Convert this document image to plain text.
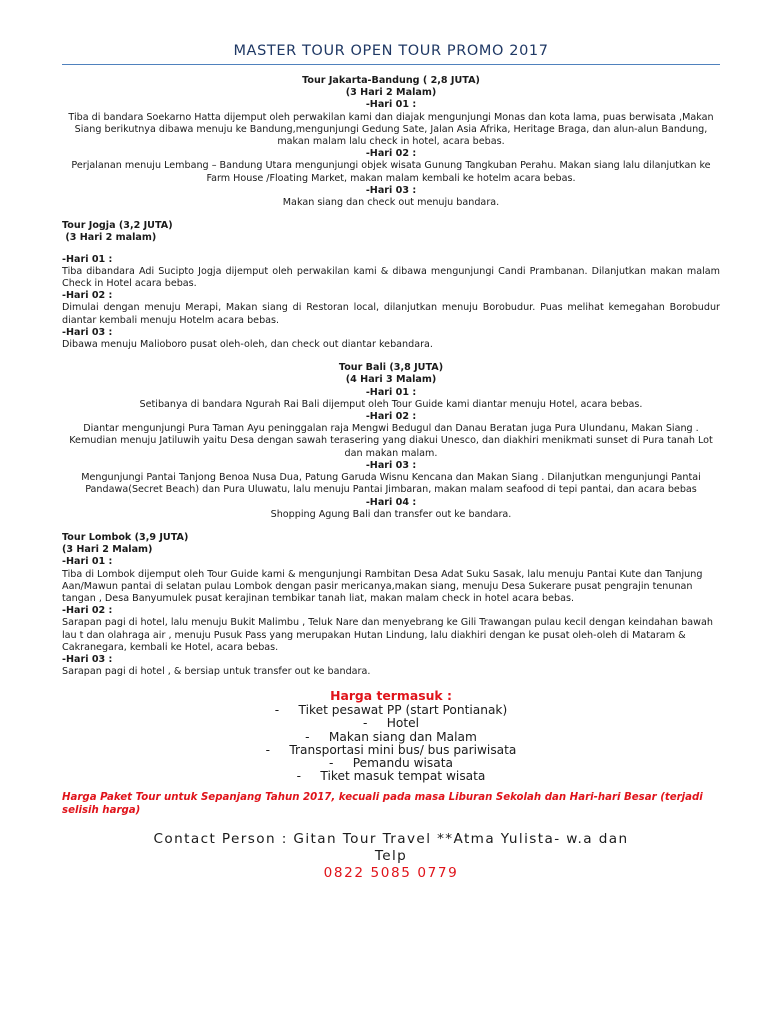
MASTER TOUR OPEN TOUR PROMO 2017
Tour Jakarta-Bandung ( 2,8 JUTA)
(3 Hari 2 Malam)
-Hari 01 :
Tiba di bandara Soekarno Hatta dijemput oleh perwakilan kami dan diajak mengunjungi Monas dan kota lama, puas berwisata ,Makan Siang berikutnya dibawa menuju ke Bandung,mengunjungi Gedung Sate, Jalan Asia Afrika, Heritage Braga, dan alun-alun Bandung, makan malam lalu check in hotel, acara bebas.
-Hari 02 :
Perjalanan menuju Lembang – Bandung Utara mengunjungi objek wisata Gunung Tangkuban Perahu. Makan siang lalu dilanjutkan ke Farm House /Floating Market, makan malam kembali ke hotelm acara bebas.
-Hari 03 :
Makan siang dan check out menuju bandara.
Tour Jogja (3,2 JUTA)
(3 Hari 2 malam)
-Hari 01 :
Tiba dibandara Adi Sucipto Jogja dijemput oleh perwakilan kami & dibawa mengunjungi Candi Prambanan. Dilanjutkan makan malam Check in Hotel acara bebas.
-Hari 02 :
Dimulai dengan menuju Merapi, Makan siang di Restoran local, dilanjutkan menuju Borobudur. Puas melihat kemegahan Borobudur diantar kembali menuju Hotelm acara bebas.
-Hari 03 :
Dibawa menuju Malioboro pusat oleh-oleh, dan check out diantar kebandara.
Tour Bali (3,8 JUTA)
(4 Hari 3 Malam)
-Hari 01 :
Setibanya di bandara Ngurah Rai Bali dijemput oleh Tour Guide kami diantar menuju Hotel, acara bebas.
-Hari 02 :
Diantar mengunjungi Pura Taman Ayu peninggalan raja Mengwi Bedugul dan Danau Beratan juga Pura Ulundanu, Makan Siang . Kemudian menuju Jatiluwih yaitu Desa dengan sawah terasering yang diakui Unesco, dan diakhiri menikmati sunset di Pura tanah Lot dan makan malam.
-Hari 03 :
Mengunjungi Pantai Tanjong Benoa Nusa Dua, Patung Garuda Wisnu Kencana dan Makan Siang . Dilanjutkan mengunjungi Pantai Pandawa(Secret Beach) dan Pura Uluwatu, lalu menuju Pantai Jimbaran, makan malam seafood di tepi pantai, dan acara bebas
-Hari 04 :
Shopping Agung Bali dan transfer out ke bandara.
Tour Lombok (3,9 JUTA)
(3 Hari 2 Malam)
-Hari 01 :
Tiba di Lombok dijemput oleh Tour Guide kami & mengunjungi Rambitan Desa Adat Suku Sasak, lalu menuju Pantai Kute dan Tanjung Aan/Mawun pantai di selatan pulau Lombok dengan pasir mericanya,makan siang, menuju Desa Sukerare pusat pengrajin tenunan tangan , Desa Banyumulek pusat kerajinan tembikar tanah liat, makan malam check in hotel acara bebas.
-Hari 02 :
Sarapan pagi di hotel, lalu menuju Bukit Malimbu , Teluk Nare dan menyebrang ke Gili Trawangan pulau kecil dengan keindahan bawah lau t dan olahraga air , menuju Pusuk Pass yang merupakan Hutan Lindung, lalu diakhiri dengan ke pusat oleh-oleh di Mataram & Cakranegara, kembali ke Hotel, acara bebas.
-Hari 03 :
Sarapan pagi di hotel , & bersiap untuk transfer out ke bandara.
Harga termasuk :
-     Tiket pesawat PP (start Pontianak)
-     Hotel
-     Makan siang dan Malam
-     Transportasi mini bus/ bus pariwisata
-     Pemandu wisata
-     Tiket masuk tempat wisata
Harga Paket Tour untuk Sepanjang Tahun 2017, kecuali pada masa Liburan Sekolah dan Hari-hari Besar (terjadi selisih harga)
Contact Person : Gitan Tour Travel **Atma Yulista- w.a dan
Telp
0822 5085 0779
